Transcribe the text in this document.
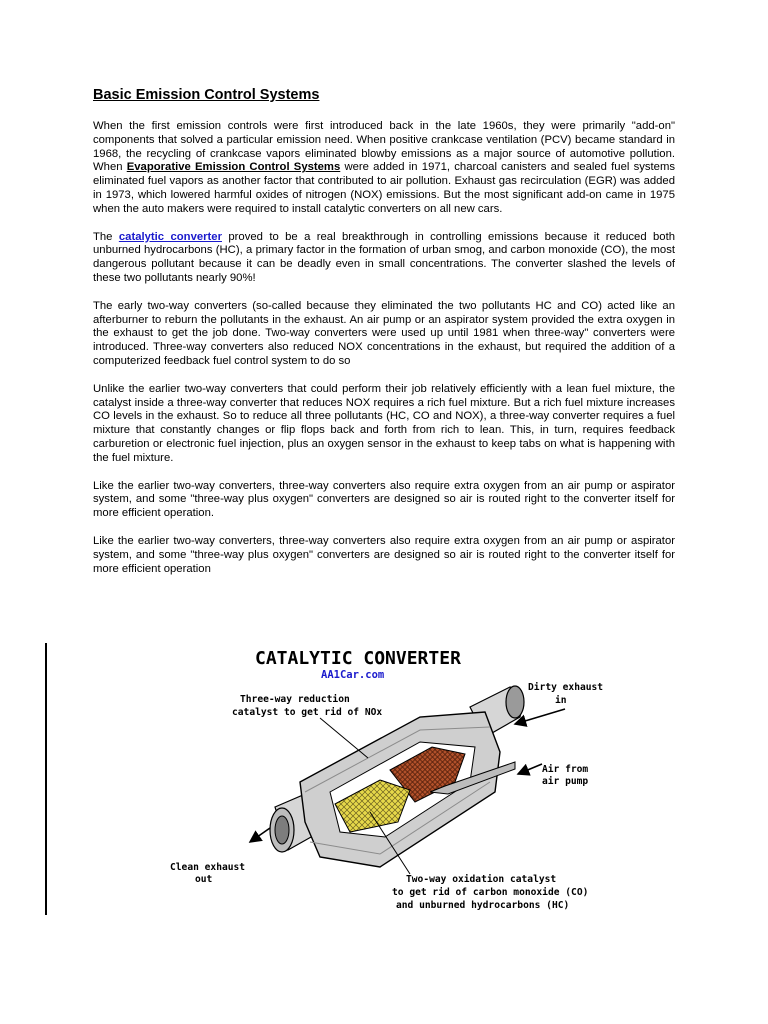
Basic Emission Control Systems

When the first emission controls were first introduced back in the late 1960s, they were primarily "add-on" components that solved a particular emission need. When positive crankcase ventilation (PCV) became standard in 1968, the recycling of crankcase vapors eliminated blowby emissions as a major source of automotive pollution. When Evaporative Emission Control Systems were added in 1971, charcoal canisters and sealed fuel systems eliminated fuel vapors as another factor that contributed to air pollution. Exhaust gas recirculation (EGR) was added in 1973, which lowered harmful oxides of nitrogen (NOX) emissions. But the most significant add-on came in 1975 when the auto makers were required to install catalytic converters on all new cars.

The catalytic converter proved to be a real breakthrough in controlling emissions because it reduced both unburned hydrocarbons (HC), a primary factor in the formation of urban smog, and carbon monoxide (CO), the most dangerous pollutant because it can be deadly even in small concentrations. The converter slashed the levels of these two pollutants nearly 90%!

The early two-way converters (so-called because they eliminated the two pollutants HC and CO) acted like an afterburner to reburn the pollutants in the exhaust. An air pump or an aspirator system provided the extra oxygen in the exhaust to get the job done. Two-way converters were used up until 1981 when three-way" converters were introduced. Three-way converters also reduced NOX concentrations in the exhaust, but required the addition of a computerized feedback fuel control system to do so

Unlike the earlier two-way converters that could perform their job relatively efficiently with a lean fuel mixture, the catalyst inside a three-way converter that reduces NOX requires a rich fuel mixture. But a rich fuel mixture increases CO levels in the exhaust. So to reduce all three pollutants (HC, CO and NOX), a three-way converter requires a fuel mixture that constantly changes or flip flops back and forth from rich to lean. This, in turn, requires feedback carburetion or electronic fuel injection, plus an oxygen sensor in the exhaust to keep tabs on what is happening with the fuel mixture.

Like the earlier two-way converters, three-way converters also require extra oxygen from an air pump or aspirator system, and some "three-way plus oxygen" converters are designed so air is routed right to the converter itself for more efficient operation.

Like the earlier two-way converters, three-way converters also require extra oxygen from an air pump or aspirator system, and some "three-way plus oxygen" converters are designed so air is routed right to the converter itself for more efficient operation

CATALYTIC CONVERTER
AA1Car.com
Three-way reduction
catalyst to get rid of NOx
Dirty exhaust
in
Air from
air pump
Clean exhaust
out	Two-way oxidation catalyst
to get rid of carbon monoxide (CO)
and unburned hydrocarbons (HC)
